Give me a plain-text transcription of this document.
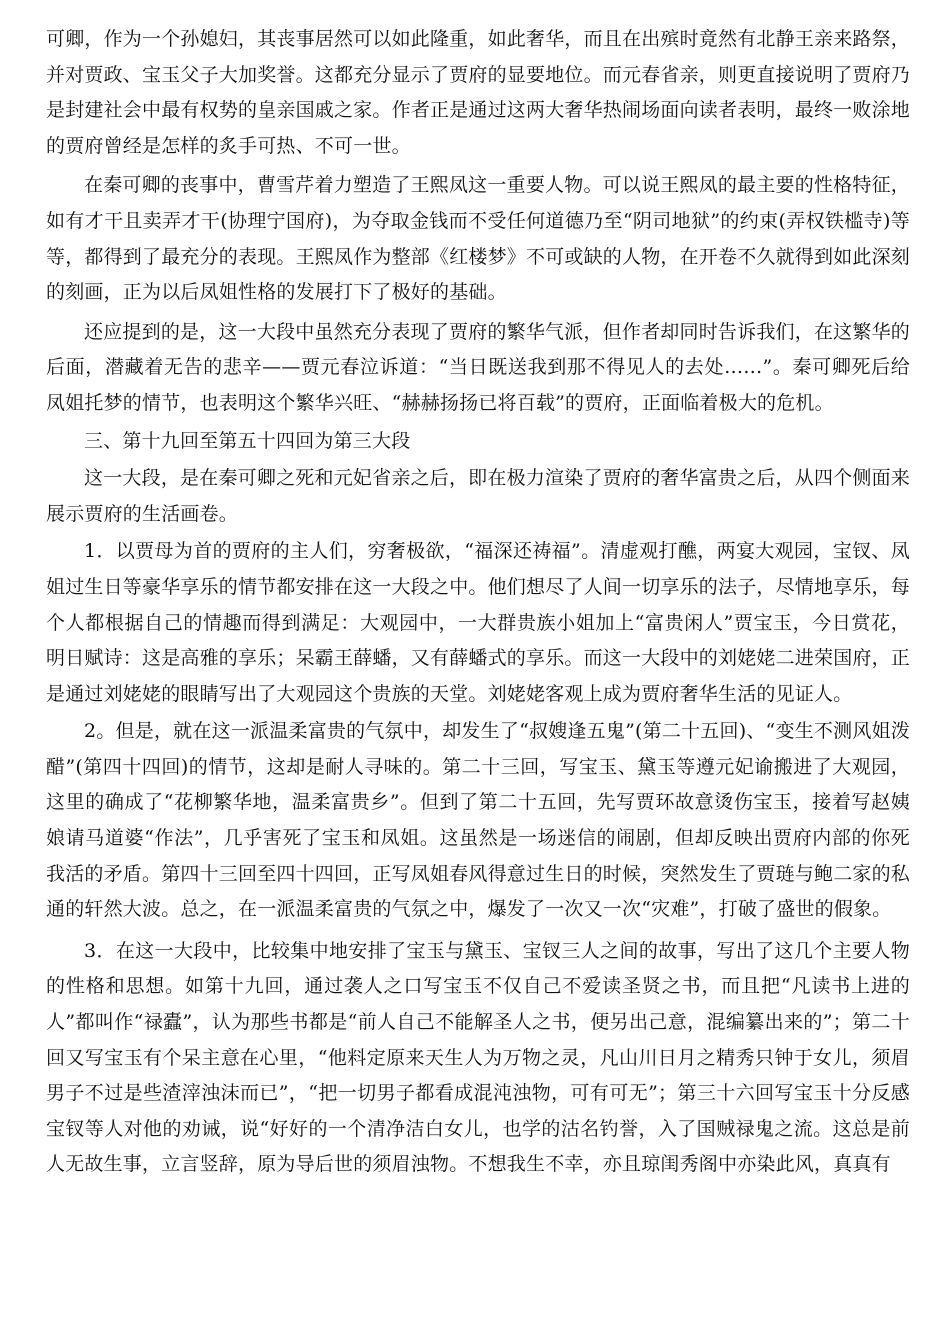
可卿，作为一个孙媳妇，其丧事居然可以如此隆重，如此奢华，而且在出殡时竟然有北静王亲来路祭，并对贾政、宝玉父子大加奖誉。这都充分显示了贾府的显要地位。而元春省亲，则更直接说明了贾府乃是封建社会中最有权势的皇亲国戚之家。作者正是通过这两大奢华热闹场面向读者表明，最终一败涂地的贾府曾经是怎样的炙手可热、不可一世。

在秦可卿的丧事中，曹雪芹着力塑造了王熙凤这一重要人物。可以说王熙凤的最主要的性格特征，如有才干且卖弄才干(协理宁国府)，为夺取金钱而不受任何道德乃至“阴司地狱”的约束(弄权铁槛寺)等等，都得到了最充分的表现。王熙凤作为整部《红楼梦》不可或缺的人物，在开卷不久就得到如此深刻的刻画，正为以后凤姐性格的发展打下了极好的基础。

还应提到的是，这一大段中虽然充分表现了贾府的繁华气派，但作者却同时告诉我们，在这繁华的后面，潜藏着无告的悲辛——贾元春泣诉道：“当日既送我到那不得见人的去处……”。秦可卿死后给凤姐托梦的情节，也表明这个繁华兴旺、“赫赫扬扬已将百载”的贾府，正面临着极大的危机。

三、第十九回至第五十四回为第三大段

这一大段，是在秦可卿之死和元妃省亲之后，即在极力渲染了贾府的奢华富贵之后，从四个侧面来展示贾府的生活画卷。

1．以贾母为首的贾府的主人们，穷奢极欲，“福深还祷福”。清虚观打醮，两宴大观园，宝钗、凤姐过生日等豪华享乐的情节都安排在这一大段之中。他们想尽了人间一切享乐的法子，尽情地享乐，每个人都根据自己的情趣而得到满足：大观园中，一大群贵族小姐加上“富贵闲人”贾宝玉，今日赏花，明日赋诗：这是高雅的享乐；呆霸王薛蟠，又有薛蟠式的享乐。而这一大段中的刘姥姥二进荣国府，正是通过刘姥姥的眼睛写出了大观园这个贵族的天堂。刘姥姥客观上成为贾府奢华生活的见证人。

2。但是，就在这一派温柔富贵的气氛中，却发生了“叔嫂逢五鬼”(第二十五回)、“变生不测风姐泼醋”(第四十四回)的情节，这却是耐人寻味的。第二十三回，写宝玉、黛玉等遵元妃谕搬进了大观园，这里的确成了“花柳繁华地，温柔富贵乡”。但到了第二十五回，先写贾环故意烫伤宝玉，接着写赵姨娘请马道婆“作法”，几乎害死了宝玉和凤姐。这虽然是一场迷信的闹剧，但却反映出贾府内部的你死我活的矛盾。第四十三回至四十四回，正写凤姐春风得意过生日的时候，突然发生了贾琏与鲍二家的私通的轩然大波。总之，在一派温柔富贵的气氛之中，爆发了一次又一次“灾难”，打破了盛世的假象。

3．在这一大段中，比较集中地安排了宝玉与黛玉、宝钗三人之间的故事，写出了这几个主要人物的性格和思想。如第十九回，通过袭人之口写宝玉不仅自己不爱读圣贤之书，而且把“凡读书上进的人”都叫作“禄蠹”，认为那些书都是“前人自己不能解圣人之书，便另出己意，混编纂出来的”；第二十回又写宝玉有个呆主意在心里，“他料定原来天生人为万物之灵，凡山川日月之精秀只钟于女儿，须眉男子不过是些渣滓浊沫而已”，“把一切男子都看成混沌浊物，可有可无”；第三十六回写宝玉十分反感宝钗等人对他的劝诫，说“好好的一个清净洁白女儿，也学的沽名钓誉，入了国贼禄鬼之流。这总是前人无故生事，立言竖辞，原为导后世的须眉浊物。不想我生不幸，亦且琼闺秀阁中亦染此风，真真有
